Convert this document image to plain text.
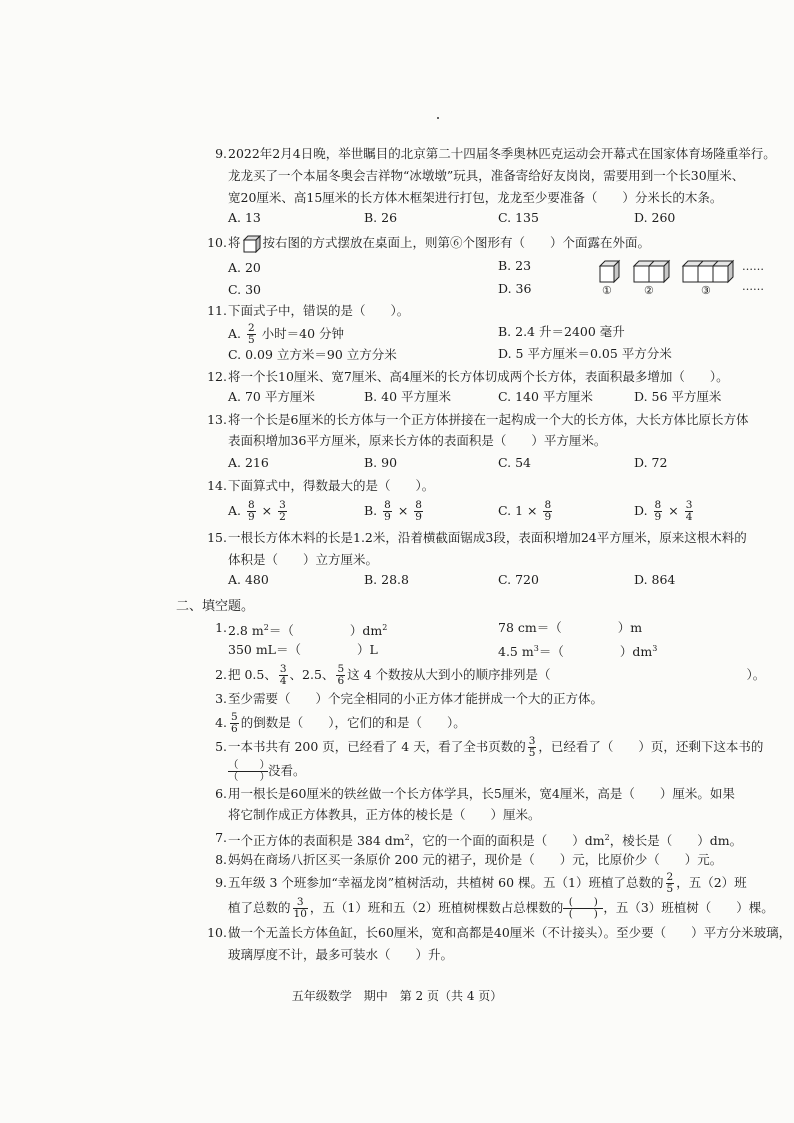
9. 2022年2月4日晚，举世瞩目的北京第二十四届冬季奥林匹克运动会开幕式在国家体育场隆重举行。
龙龙买了一个本届冬奥会吉祥物“冰墩墩”玩具，准备寄给好友岗岗，需要用到一个长30厘米、
宽20厘米、高15厘米的长方体木框架进行打包，龙龙至少要准备（　　）分米长的木条。
A. 13	B. 26	C. 135	D. 260
10. 将 按右图的方式摆放在桌面上，则第⑥个图形有（　　）个面露在外面。
A. 20	B. 23
C. 30	D. 36
……
……
①	②	③
11. 下面式子中，错误的是（　　）。
A. $\frac{2}{5}$ 小时＝40 分钟	B. 2.4 升＝2400 毫升
C. 0.09 立方米＝90 立方分米	D. 5 平方厘米＝0.05 平方分米
12. 将一个长10厘米、宽7厘米、高4厘米的长方体切成两个长方体，表面积最多增加（　　）。
A. 70 平方厘米	B. 40 平方厘米	C. 140 平方厘米	D. 56 平方厘米
13. 将一个长是6厘米的长方体与一个正方体拼接在一起构成一个大的长方体，大长方体比原长方体
表面积增加36平方厘米，原来长方体的表面积是（　　）平方厘米。
A. 216	B. 90	C. 54	D. 72
14. 下面算式中，得数最大的是（　　）。
A. $\frac{8}{9} \times \frac{3}{2}$	B. $\frac{8}{9} \times \frac{8}{9}$	C. $1 \times \frac{8}{9}$	D. $\frac{8}{9} \times \frac{3}{4}$
15. 一根长方体木料的长是1.2米，沿着横截面锯成3段，表面积增加24平方厘米，原来这根木料的
体积是（　　）立方厘米。
A. 480	B. 28.8	C. 720	D. 864
二、填空题。
1. 2.8 $m^2=$（	）$dm^2$	78 cm＝（	）m
350 mL＝（	）L	4.5 $m^3=$（	）$dm^3$
2. 把 0.5、 $\frac{3}{4}$ 、2.5、 $\frac{5}{6}$ 这 4 个数按从大到小的顺序排列是（	）。
3. 至少需要（　　）个完全相同的小正方体才能拼成一个大的正方体。
4. $\frac{5}{6}$ 的倒数是（　　），它们的和是（　　）。
5. 一本书共有 200 页，已经看了 4 天，看了全书页数的 $\frac{3}{5}$ ，已经看了（　　）页，还剩下这本书的
$\frac{( )}{( )}$没看。
6. 用一根长是60厘米的铁丝做一个长方体学具，长5厘米，宽4厘米，高是（　　）厘米。如果
将它制作成正方体教具，正方体的棱长是（　　）厘米。
7. 一个正方体的表面积是 384 $dm^2$，它的一个面的面积是（　　）$dm^2$，棱长是（　　）dm。
8. 妈妈在商场八折区买一条原价 200 元的裙子，现价是（　　）元，比原价少（　　）元。
9. 五年级 3 个班参加“幸福龙岗”植树活动，共植树 60 棵。五（1）班植了总数的 $\frac{2}{5}$ ，五（2）班
植了总数的 $\frac{3}{10}$ ，五（1）班和五（2）班植树棵数占总棵数的 $\frac{( )}{( )}$，五（3）班植树（　　）棵。
10. 做一个无盖长方体鱼缸，长60厘米，宽和高都是40厘米（不计接头）。至少要（　　）平方分米玻璃，
玻璃厚度不计，最多可装水（　　）升。
五年级数学　期中　第 2 页（共 4 页）
